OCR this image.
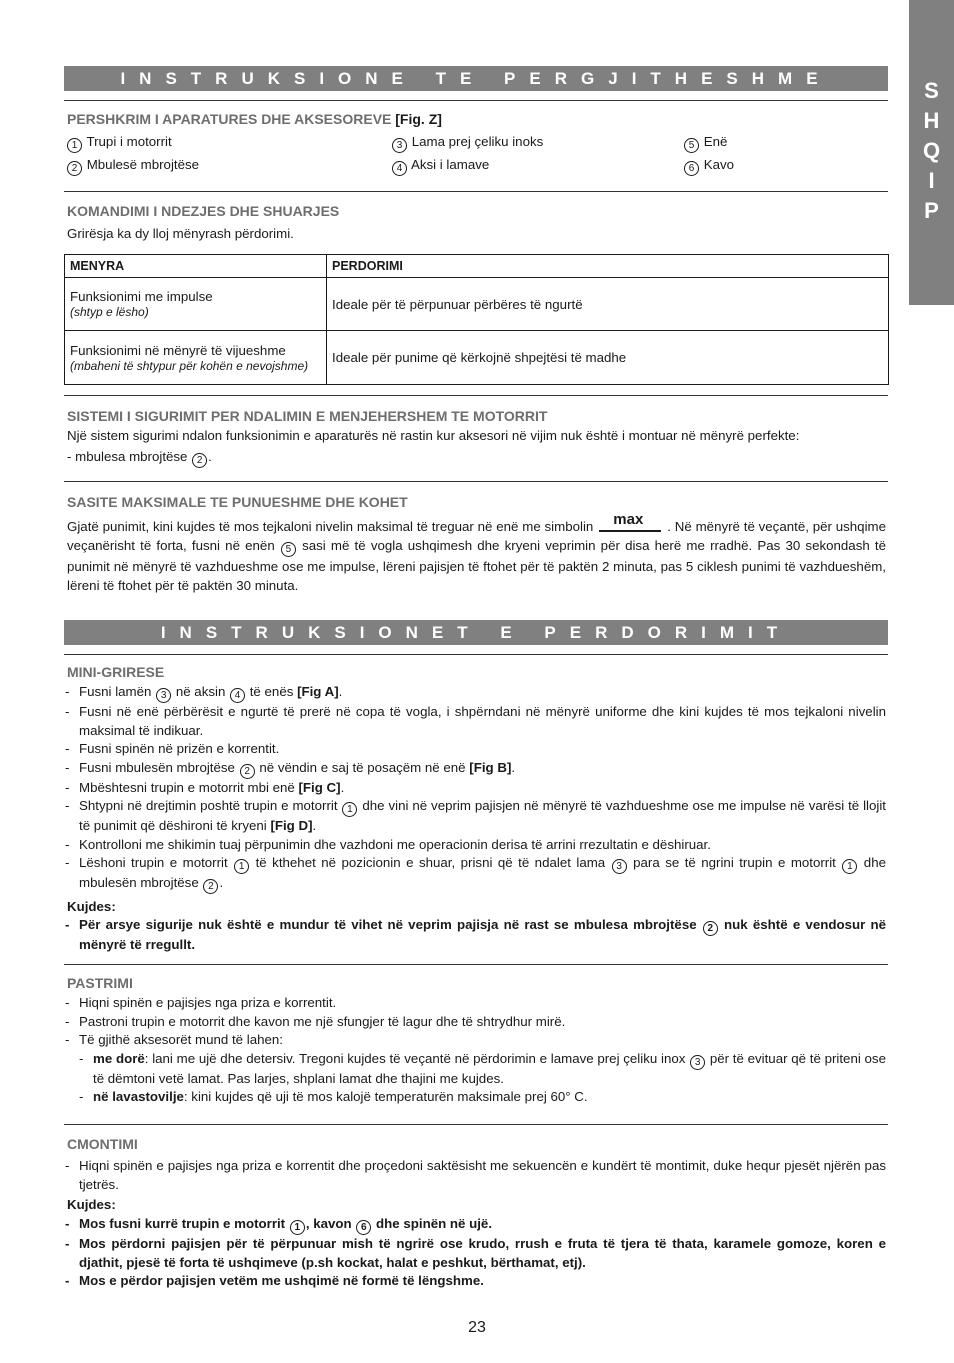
S
H
Q
I
P
INSTRUKSIONE TE PERGJITHESHME
PERSHKRIM I APARATURES DHE AKSESOREVE [Fig. Z]
1 Trupi i motorrit	3 Lama prej çeliku inoks	5 Enë
2 Mbulesë mbrojtëse	4 Aksi i lamave	6 Kavo
KOMANDIMI I NDEZJES DHE SHUARJES
Grirësja ka dy lloj mënyrash përdorimi.
MENYRA	PERDORIMI

Funksionimi me impulse
(shtyp e lësho)	Ideale për të përpunuar përbëres të ngurtë

Funksionimi në mënyrë të vijueshme
(mbaheni të shtypur për kohën e nevojshme)	Ideale për punime që kërkojnë shpejtësi të madhe
SISTEMI I SIGURIMIT PER NDALIMIN E MENJEHERSHEM TE MOTORRIT
Një sistem sigurimi ndalon funksionimin e aparaturës në rastin kur aksesori në vijim nuk është i montuar në mënyrë perfekte:
- mbulesa mbrojtëse 2 .
SASITE MAKSIMALE TE PUNUESHME DHE KOHET
Gjatë punimit, kini kujdes të mos tejkaloni nivelin maksimal të treguar në enë me simbolin max . Në mënyrë të veçantë, për ushqime veçanërisht të forta, fusni në enën 5 sasi më të vogla ushqimesh dhe kryeni veprimin për disa herë me rradhë. Pas 30 sekondash të punimit në mënyrë të vazhdueshme ose me impulse, lëreni pajisjen të ftohet për të paktën 2 minuta, pas 5 ciklesh punimi të vazhdueshëm, lëreni të ftohet për të paktën 30 minuta.
INSTRUKSIONET E PERDORIMIT
MINI-GRIRESE
- Fusni lamën 3 në aksin 4 të enës [Fig A].
- Fusni në enë përbërësit e ngurtë të prerë në copa të vogla, i shpërndani në mënyrë uniforme dhe kini kujdes të mos tejkaloni nivelin maksimal të indikuar.
- Fusni spinën në prizën e korrentit.
- Fusni mbulesën mbrojtëse 2 në vëndin e saj të posaçëm në enë [Fig B].
- Mbështesni trupin e motorrit mbi enë [Fig C].
- Shtypni në drejtimin poshtë trupin e motorrit 1 dhe vini në veprim pajisjen në mënyrë të vazhdueshme ose me impulse në varësi të llojit të punimit që dëshironi të kryeni [Fig D].
- Kontrolloni me shikimin tuaj përpunimin dhe vazhdoni me operacionin derisa të arrini rrezultatin e dëshiruar.
- Lëshoni trupin e motorrit 1 të kthehet në pozicionin e shuar, prisni që të ndalet lama 3 para se të ngrini trupin e motorrit 1 dhe mbulesën mbrojtëse 2 .
Kujdes:
- Për arsye sigurije nuk është e mundur të vihet në veprim pajisja në rast se mbulesa mbrojtëse 2 nuk është e vendosur në mënyrë të rregullt.
PASTRIMI
- Hiqni spinën e pajisjes nga priza e korrentit.
- Pastroni trupin e motorrit dhe kavon me një sfungjer të lagur dhe të shtrydhur mirë.
- Të gjithë aksesorët mund të lahen:
- me dorë: lani me ujë dhe detersiv. Tregoni kujdes të veçantë në përdorimin e lamave prej çeliku inox 3 për të evituar që të priteni ose të dëmtoni vetë lamat. Pas larjes, shplani lamat dhe thajini me kujdes.
- në lavastovilje: kini kujdes që uji të mos kalojë temperaturën maksimale prej 60° C.
CMONTIMI
- Hiqni spinën e pajisjes nga priza e korrentit dhe proçedoni saktësisht me sekuencën e kundërt të montimit, duke hequr pjesët njërën pas tjetrës.
Kujdes:
- Mos fusni kurrë trupin e motorrit 1 , kavon 6 dhe spinën në ujë.
- Mos përdorni pajisjen për të përpunuar mish të ngrirë ose krudo, rrush e fruta të tjera të thata, karamele gomoze, koren e djathit, pjesë të forta të ushqimeve (p.sh kockat, halat e peshkut, bërthamat, etj).
- Mos e përdor pajisjen vetëm me ushqimë në formë të lëngshme.
23
